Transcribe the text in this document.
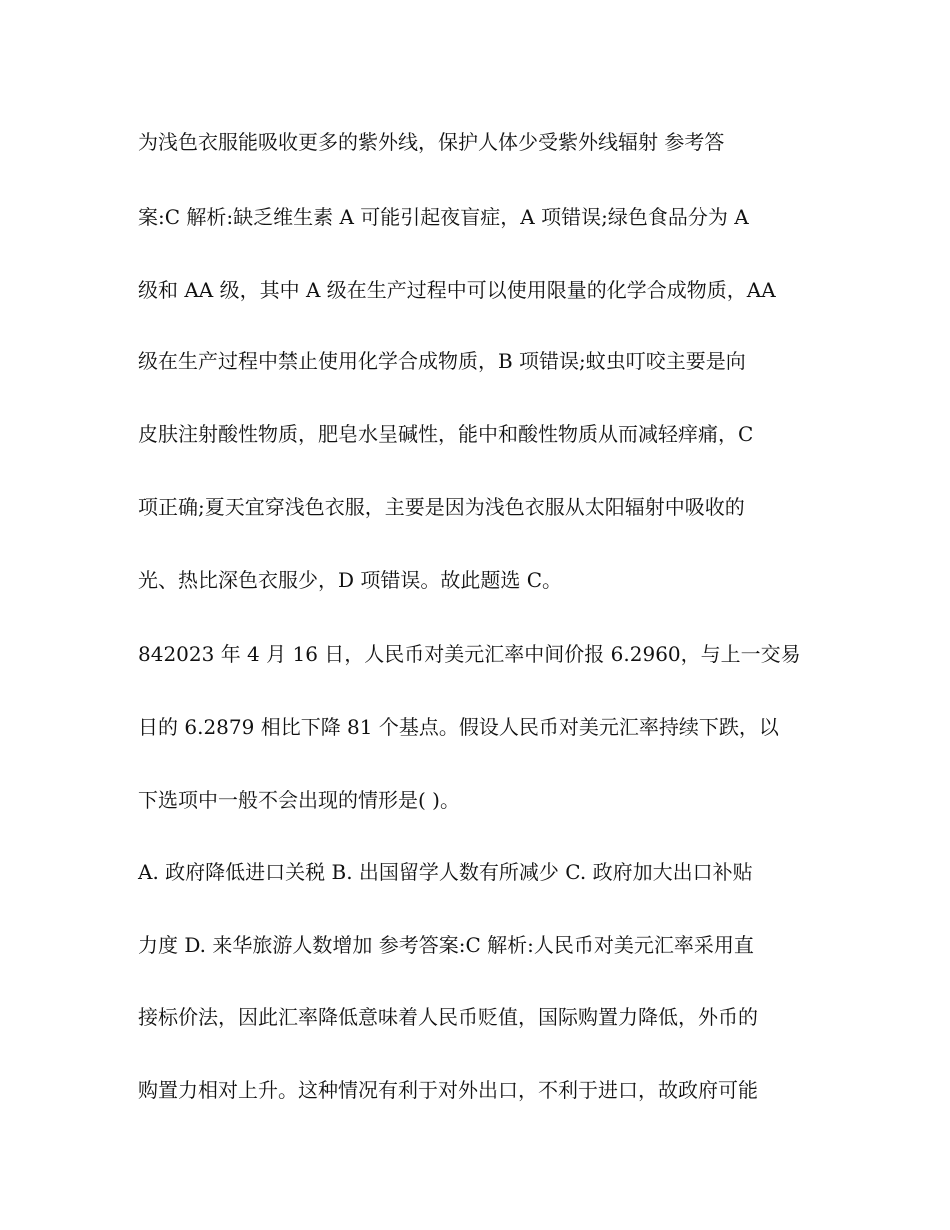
为浅色衣服能吸收更多的紫外线，保护人体少受紫外线辐射 参考答

案:C 解析:缺乏维生素 A 可能引起夜盲症，A 项错误;绿色食品分为 A

级和 AA 级，其中 A 级在生产过程中可以使用限量的化学合成物质，AA

级在生产过程中禁止使用化学合成物质，B 项错误;蚊虫叮咬主要是向

皮肤注射酸性物质，肥皂水呈碱性，能中和酸性物质从而减轻痒痛，C

项正确;夏天宜穿浅色衣服，主要是因为浅色衣服从太阳辐射中吸收的

光、热比深色衣服少，D 项错误。故此题选 C。

842023 年 4 月 16 日，人民币对美元汇率中间价报 6.2960，与上一交易

日的 6.2879 相比下降 81 个基点。假设人民币对美元汇率持续下跌，以

下选项中一般不会出现的情形是( )。

A. 政府降低进口关税 B. 出国留学人数有所减少 C. 政府加大出口补贴

力度 D. 来华旅游人数增加 参考答案:C 解析:人民币对美元汇率采用直

接标价法，因此汇率降低意味着人民币贬值，国际购置力降低，外币的

购置力相对上升。这种情况有利于对外出口，不利于进口，故政府可能
